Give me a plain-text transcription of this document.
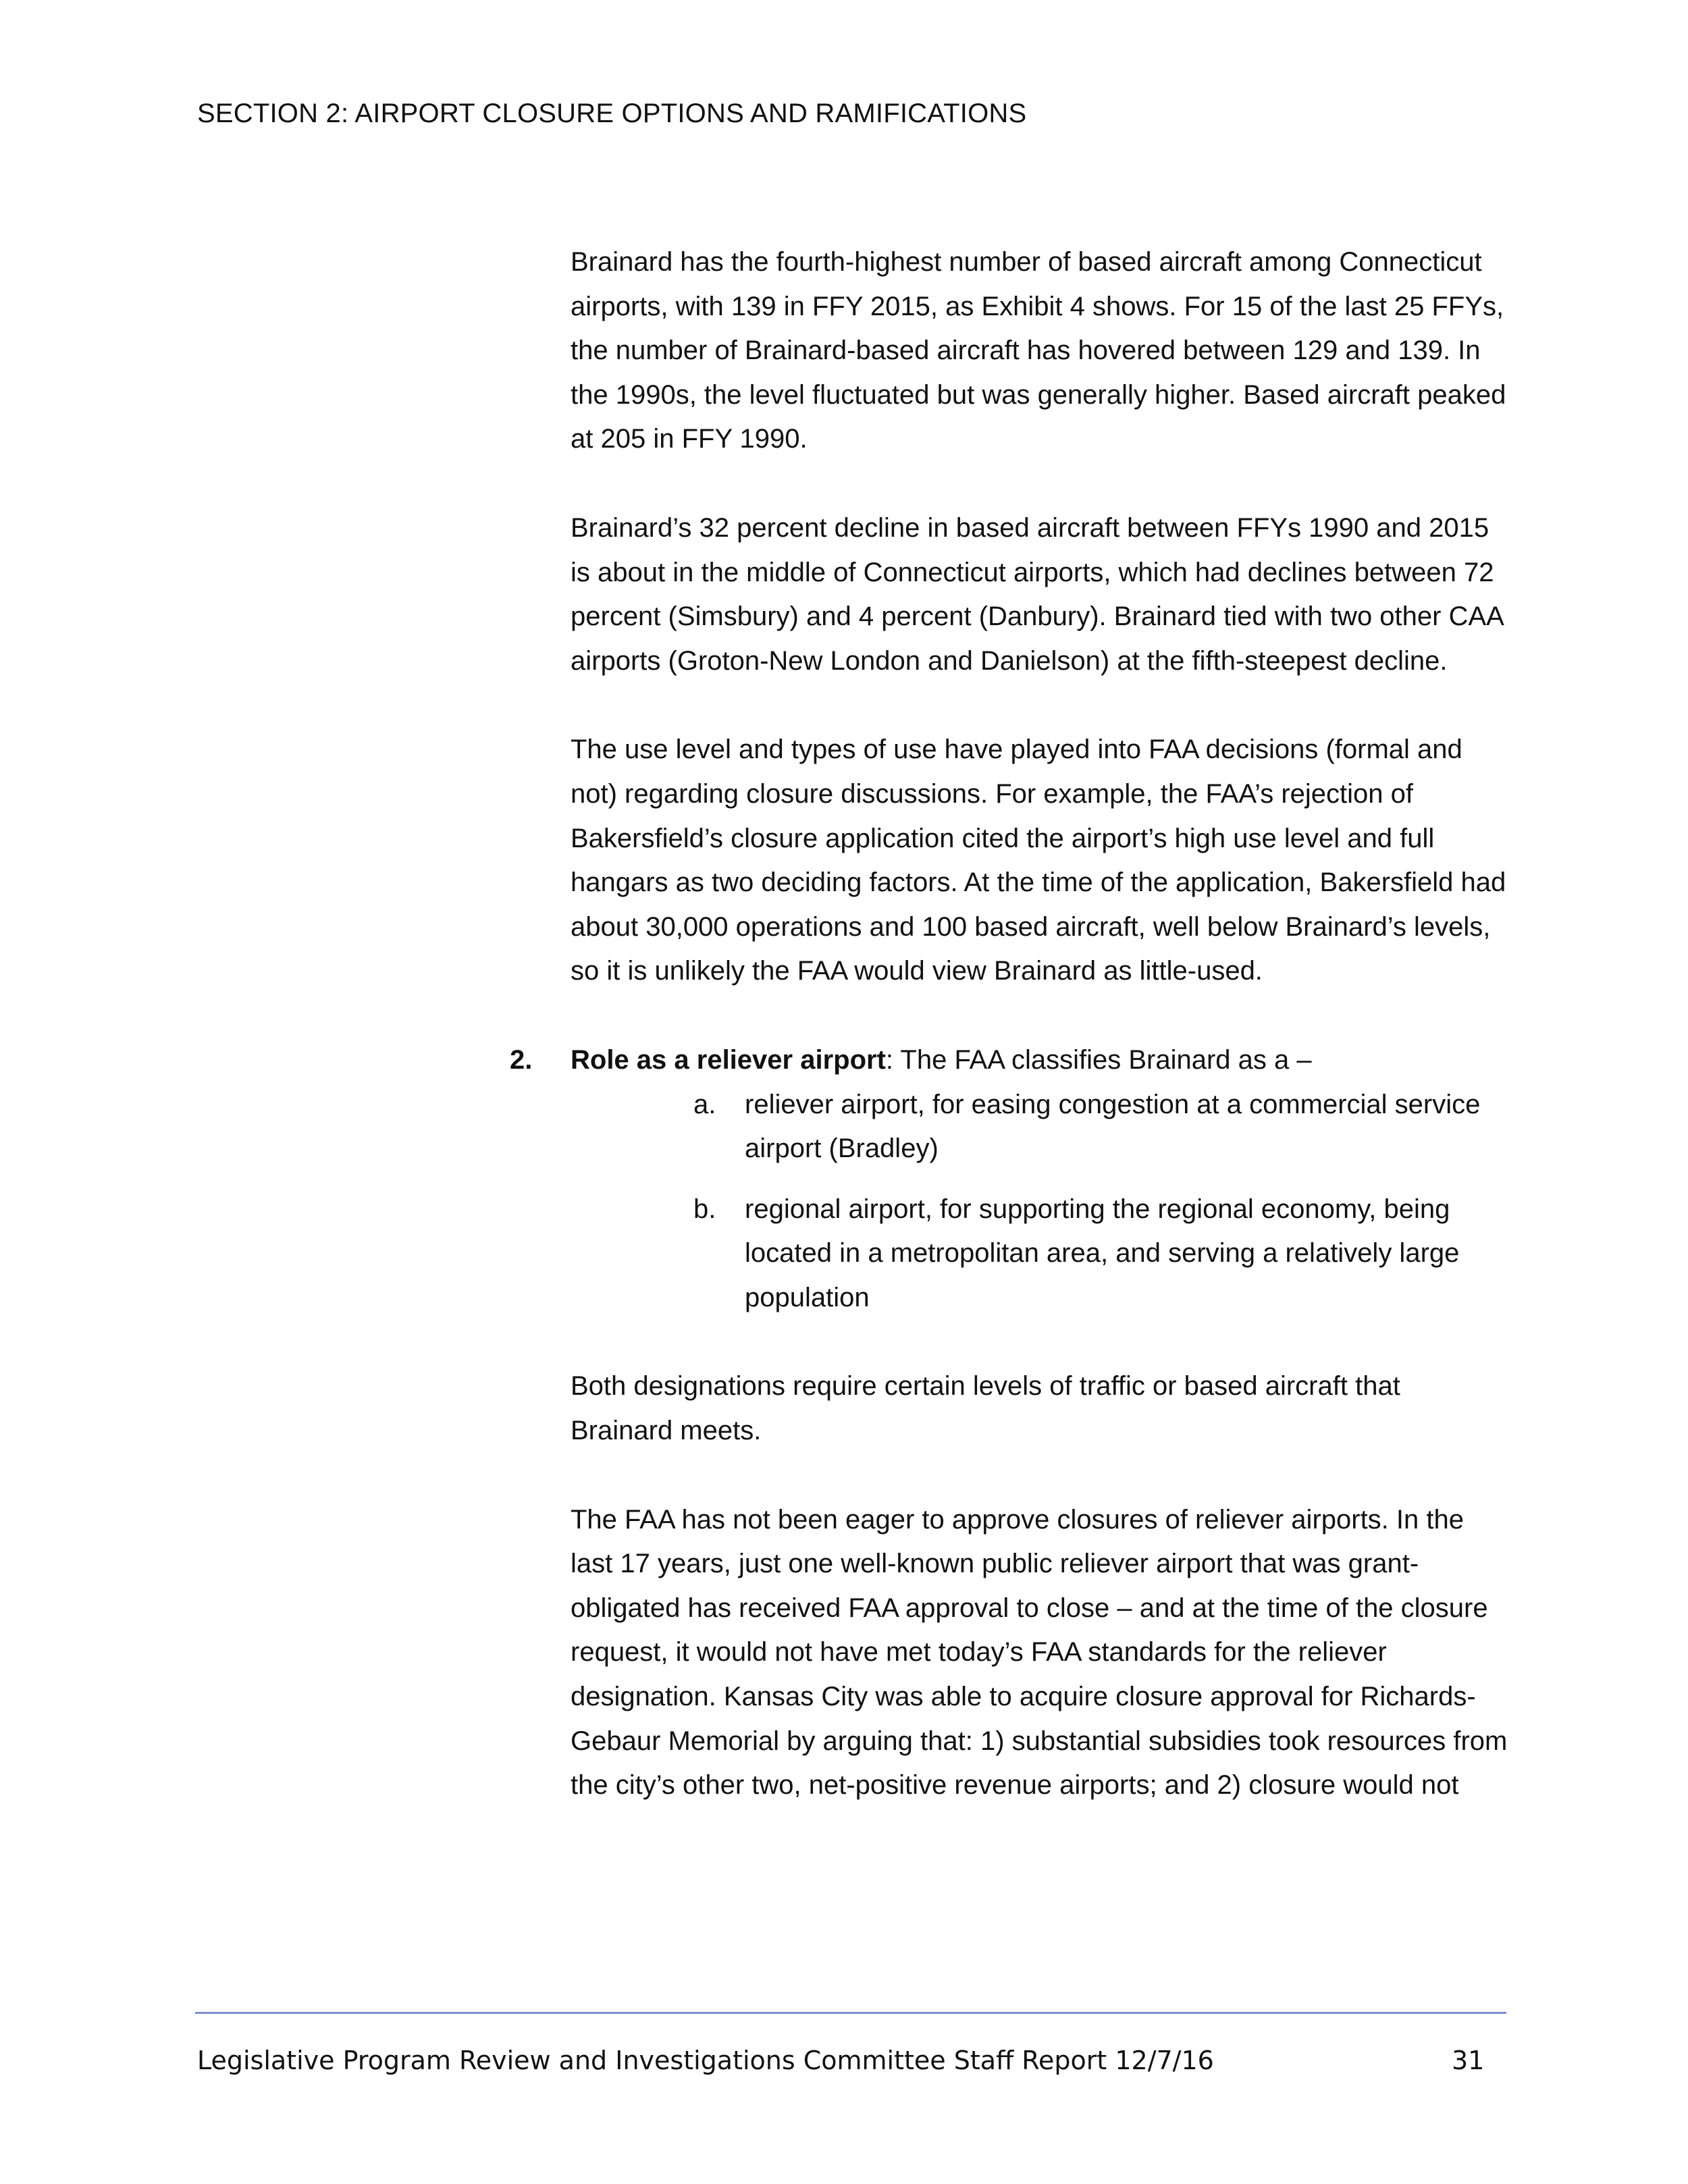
SECTION 2: AIRPORT CLOSURE OPTIONS AND RAMIFICATIONS

Brainard has the fourth-highest number of based aircraft among Connecticut airports, with 139 in FFY 2015, as Exhibit 4 shows. For 15 of the last 25 FFYs, the number of Brainard-based aircraft has hovered between 129 and 139. In the 1990s, the level fluctuated but was generally higher. Based aircraft peaked at 205 in FFY 1990.

Brainard’s 32 percent decline in based aircraft between FFYs 1990 and 2015 is about in the middle of Connecticut airports, which had declines between 72 percent (Simsbury) and 4 percent (Danbury). Brainard tied with two other CAA airports (Groton-New London and Danielson) at the fifth-steepest decline.

The use level and types of use have played into FAA decisions (formal and not) regarding closure discussions. For example, the FAA’s rejection of Bakersfield’s closure application cited the airport’s high use level and full hangars as two deciding factors. At the time of the application, Bakersfield had about 30,000 operations and 100 based aircraft, well below Brainard’s levels, so it is unlikely the FAA would view Brainard as little-used.

2. Role as a reliever airport: The FAA classifies Brainard as a –
a. reliever airport, for easing congestion at a commercial service airport (Bradley)
b. regional airport, for supporting the regional economy, being located in a metropolitan area, and serving a relatively large population

Both designations require certain levels of traffic or based aircraft that Brainard meets.

The FAA has not been eager to approve closures of reliever airports. In the last 17 years, just one well-known public reliever airport that was grant-obligated has received FAA approval to close – and at the time of the closure request, it would not have met today’s FAA standards for the reliever designation. Kansas City was able to acquire closure approval for Richards-Gebaur Memorial by arguing that: 1) substantial subsidies took resources from the city’s other two, net-positive revenue airports; and 2) closure would not

Legislative Program Review and Investigations Committee Staff Report 12/7/16	31
